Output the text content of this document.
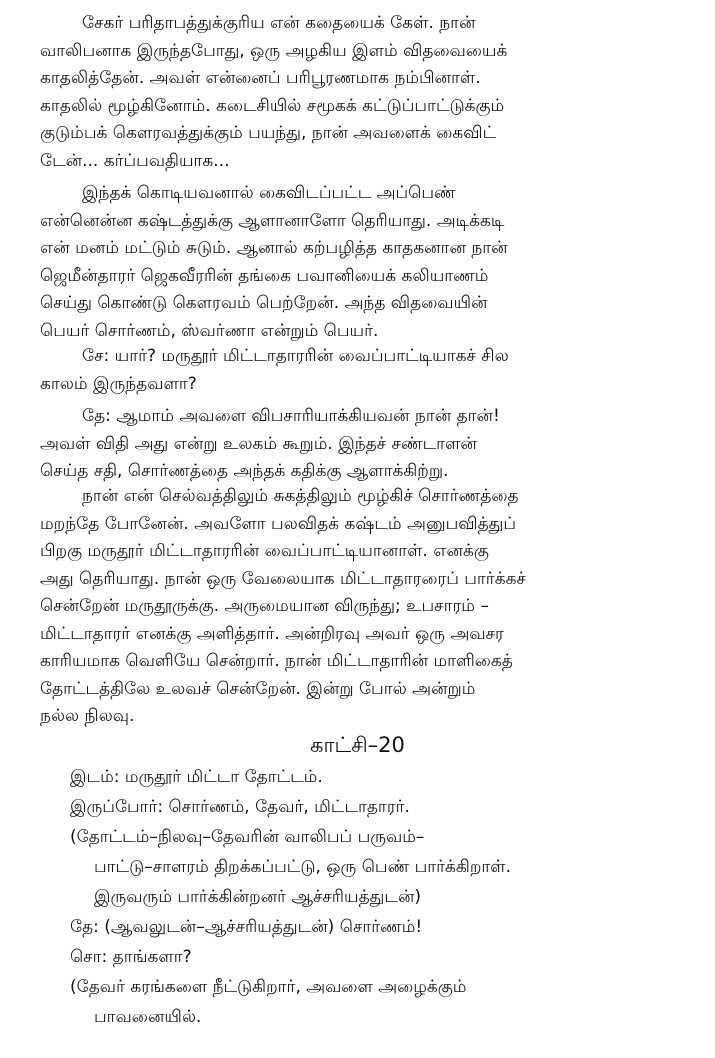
சேகர் பரிதாபத்துக்குரிய என் கதையைக் கேள். நான்
வாலிபனாக இருந்தபோது, ஒரு அழகிய இளம் விதவையைக்
காதலித்தேன். அவள் என்னைப் பரிபூரணமாக நம்பினாள்.
காதலில் மூழ்கினோம். கடைசியில் சமூகக் கட்டுப்பாட்டுக்கும்
குடும்பக் கௌரவத்துக்கும் பயந்து, நான் அவளைக் கைவிட்
டேன்... கர்ப்பவதியாக...
இந்தக் கொடியவனால் கைவிடப்பட்ட அப்பெண்
என்னென்ன கஷ்டத்துக்கு ஆளானாளோ தெரியாது. அடிக்கடி
என் மனம் மட்டும் சுடும். ஆனால் கற்பழித்த காதகனான நான்
ஜெமீன்தாரர் ஜெகவீரரின் தங்கை பவானியைக் கலியாணம்
செய்து கொண்டு கௌரவம் பெற்றேன். அந்த விதவையின்
பெயர் சொர்ணம், ஸ்வர்ணா என்றும் பெயர்.
சே: யார்? மருதூர் மிட்டாதாரரின் வைப்பாட்டியாகச் சில
காலம் இருந்தவளா?
தே: ஆமாம் அவளை விபசாரியாக்கியவன் நான் தான்!
அவள் விதி அது என்று உலகம் கூறும். இந்தச் சண்டாளன்
செய்த சதி, சொர்ணத்தை அந்தக் கதிக்கு ஆளாக்கிற்று.
நான் என் செல்வத்திலும் சுகத்திலும் மூழ்கிச் சொர்ணத்தை
மறந்தே போனேன். அவளோ பலவிதக் கஷ்டம் அனுபவித்துப்
பிறகு மருதூர் மிட்டாதாரரின் வைப்பாட்டியானாள். எனக்கு
அது தெரியாது. நான் ஒரு வேலையாக மிட்டாதாரரைப் பார்க்கச்
சென்றேன் மருதூருக்கு. அருமையான விருந்து; உபசாரம் –
மிட்டாதாரர் எனக்கு அளித்தார். அன்றிரவு அவர் ஒரு அவசர
காரியமாக வெளியே சென்றார். நான் மிட்டாதாரின் மாளிகைத்
தோட்டத்திலே உலவச் சென்றேன். இன்று போல் அன்றும்
நல்ல நிலவு.
காட்சி–20
இடம்: மருதூர் மிட்டா தோட்டம்.
இருப்போர்: சொர்ணம், தேவர், மிட்டாதாரர்.
(தோட்டம்–நிலவு–தேவரின் வாலிபப் பருவம்–
பாட்டு–சாளரம் திறக்கப்பட்டு, ஒரு பெண் பார்க்கிறாள்.
இருவரும் பார்க்கின்றனர் ஆச்சரியத்துடன்)
தே: (ஆவலுடன்–ஆச்சரியத்துடன்) சொர்ணம்!
சொ: தாங்களா?
(தேவர் கரங்களை நீட்டுகிறார், அவளை அழைக்கும்
பாவனையில்.
